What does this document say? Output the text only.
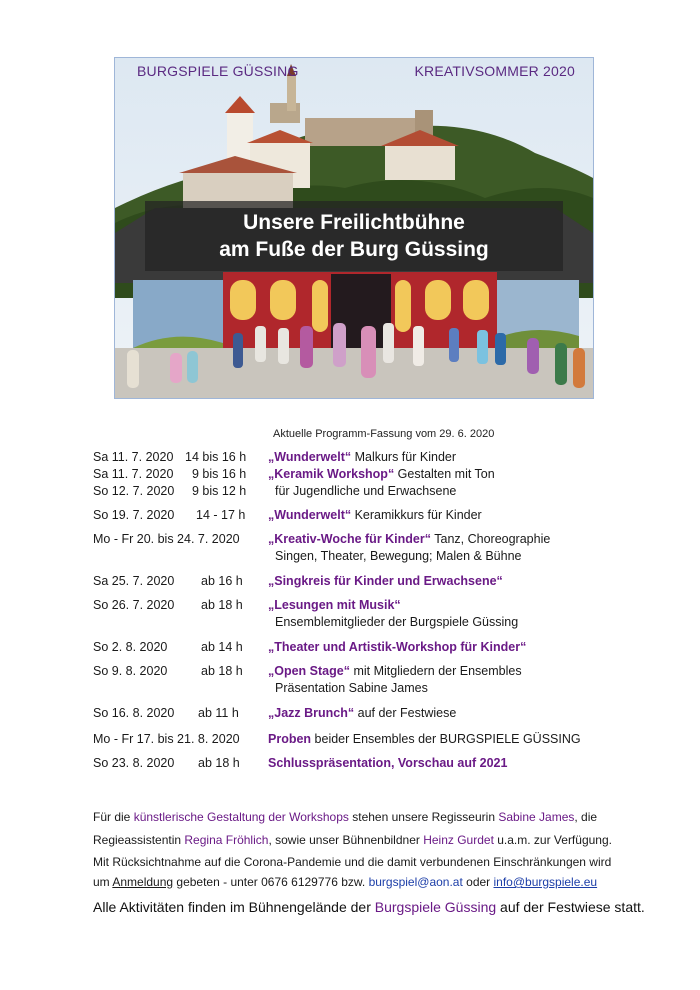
BURGSPIELE GÜSSING	KREATIVSOMMER 2020
Unsere Freilichtbühne
am Fuße der Burg Güssing
Aktuelle Programm-Fassung vom 29. 6. 2020
Sa 11. 7. 2020 14 bis 16 h „Wunderwelt“ Malkurs für Kinder
Sa 11. 7. 2020 9 bis 16 h „Keramik Workshop“ Gestalten mit Ton
So 12. 7. 2020 9 bis 12 h für Jugendliche und Erwachsene
So 19. 7. 2020 14 - 17 h „Wunderwelt“ Keramikkurs für Kinder
Mo - Fr 20. bis 24. 7. 2020 „Kreativ-Woche für Kinder“ Tanz, Choreographie
Singen, Theater, Bewegung; Malen & Bühne
Sa 25. 7. 2020 ab 16 h „Singkreis für Kinder und Erwachsene“
So 26. 7. 2020 ab 18 h „Lesungen mit Musik“
Ensemblemitglieder der Burgspiele Güssing
So 2. 8. 2020	ab 14 h „Theater und Artistik-Workshop für Kinder“
So 9. 8. 2020	ab 18 h „Open Stage“ mit Mitgliedern der Ensembles
Präsentation Sabine James
So 16. 8. 2020 ab 11 h „Jazz Brunch“ auf der Festwiese
Mo - Fr 17. bis 21. 8. 2020 Proben beider Ensembles der BURGSPIELE GÜSSING
So 23. 8. 2020 ab 18 h Schlusspräsentation, Vorschau auf 2021
Für die künstlerische Gestaltung der Workshops stehen unsere Regisseurin Sabine James, die
Regieassistentin Regina Fröhlich, sowie unser Bühnenbildner Heinz Gurdet u.a.m. zur Verfügung.
Mit Rücksichtnahme auf die Corona-Pandemie und die damit verbundenen Einschränkungen wird
um Anmeldung gebeten - unter 0676 6129776 bzw. burgspiel@aon.at oder info@burgspiele.eu
Alle Aktivitäten finden im Bühnengelände der Burgspiele Güssing auf der Festwiese statt.
